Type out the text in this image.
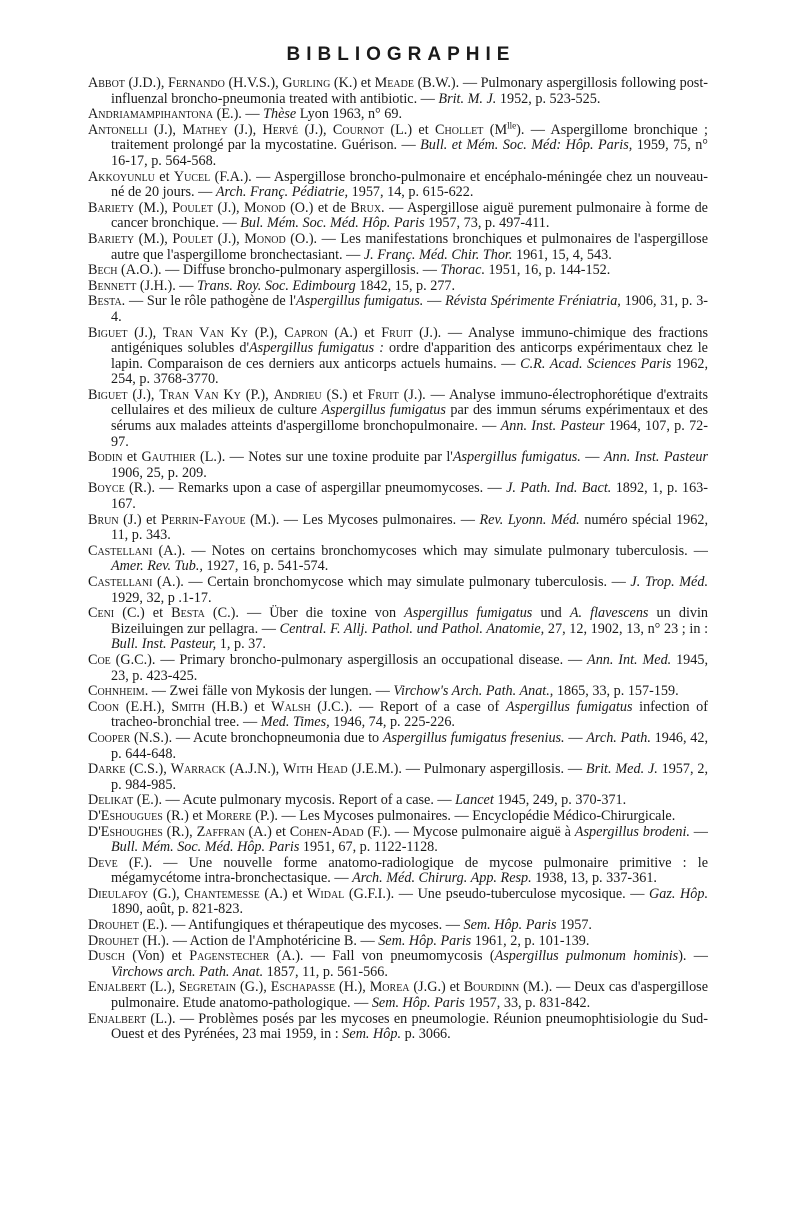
BIBLIOGRAPHIE

Abbot (J.D.), Fernando (H.V.S.), Gurling (K.) et Meade (B.W.). — Pulmonary aspergillosis following post-influenzal broncho-pneumonia treated with antibiotic. — Brit. M. J. 1952, p. 523-525.

Andriamampihantona (E.). — Thèse Lyon 1963, n° 69.

Antonelli (J.), Mathey (J.), Hervé (J.), Cournot (L.) et Chollet $(M^{lle})$. — Aspergillome bronchique ; traitement prolongé par la mycostatine. Guérison. — Bull. et Mém. Soc. Méd: Hôp. Paris, 1959, 75, n° 16-17, p. 564-568.

Akkoyunlu et Yucel (F.A.). — Aspergillose broncho-pulmonaire et encéphalo-méningée chez un nouveau-né de 20 jours. — Arch. Franç. Pédiatrie, 1957, 14, p. 615-622.

Bariety (M.), Poulet (J.), Monod (O.) et de Brux. — Aspergillose aiguë purement pulmonaire à forme de cancer bronchique. — Bul. Mém. Soc. Méd. Hôp. Paris 1957, 73, p. 497-411.

Bariety (M.), Poulet (J.), Monod (O.). — Les manifestations bronchiques et pulmonaires de l'aspergillose autre que l'aspergillome bronchectasiant. — J. Franç. Méd. Chir. Thor. 1961, 15, 4, 543.

Bech (A.O.). — Diffuse broncho-pulmonary aspergillosis. — Thorac. 1951, 16, p. 144-152.

Bennett (J.H.). — Trans. Roy. Soc. Edimbourg 1842, 15, p. 277.

Besta. — Sur le rôle pathogène de l'Aspergillus fumigatus. — Révista Spérimente Fréniatria, 1906, 31, p. 3-4.

Biguet (J.), Tran Van Ky (P.), Capron (A.) et Fruit (J.). — Analyse immuno-chimique des fractions antigéniques solubles d'Aspergillus fumigatus : ordre d'apparition des anticorps expérimentaux chez le lapin. Comparaison de ces derniers aux anticorps actuels humains. — C.R. Acad. Sciences Paris 1962, 254, p. 3768-3770.

Biguet (J.), Tran Van Ky (P.), Andrieu (S.) et Fruit (J.). — Analyse immuno-électrophorétique d'extraits cellulaires et des milieux de culture Aspergillus fumigatus par des immun sérums expérimentaux et des sérums aux malades atteints d'aspergillome bronchopulmonaire. — Ann. Inst. Pasteur 1964, 107, p. 72-97.

Bodin et Gauthier (L.). — Notes sur une toxine produite par l'Aspergillus fumigatus. — Ann. Inst. Pasteur 1906, 25, p. 209.

Boyce (R.). — Remarks upon a case of aspergillar pneumomycoses. — J. Path. Ind. Bact. 1892, 1, p. 163-167.

Brun (J.) et Perrin-Fayoue (M.). — Les Mycoses pulmonaires. — Rev. Lyonn. Méd. numéro spécial 1962, 11, p. 343.

Castellani (A.). — Notes on certains bronchomycoses which may simulate pulmonary tuberculosis. — Amer. Rev. Tub., 1927, 16, p. 541-574.

Castellani (A.). — Certain bronchomycose which may simulate pulmonary tuberculosis. — J. Trop. Méd. 1929, 32, p .1-17.

Ceni (C.) et Besta (C.). — Über die toxine von Aspergillus fumigatus und A. flavescens un divin Bizeiluingen zur pellagra. — Central. F. Allj. Pathol. und Pathol. Anatomie, 27, 12, 1902, 13, n° 23 ; in : Bull. Inst. Pasteur, 1, p. 37.

Coe (G.C.). — Primary broncho-pulmonary aspergillosis an occupational disease. — Ann. Int. Med. 1945, 23, p. 423-425.

Cohnheim. — Zwei fälle von Mykosis der lungen. — Virchow's Arch. Path. Anat., 1865, 33, p. 157-159.

Coon (E.H.), Smith (H.B.) et Walsh (J.C.). — Report of a case of Aspergillus fumigatus infection of tracheo-bronchial tree. — Med. Times, 1946, 74, p. 225-226.

Cooper (N.S.). — Acute bronchopneumonia due to Aspergillus fumigatus fresenius. — Arch. Path. 1946, 42, p. 644-648.

Darke (C.S.), Warrack (A.J.N.), With Head (J.E.M.). — Pulmonary aspergillosis. — Brit. Med. J. 1957, 2, p. 984-985.

Delikat (E.). — Acute pulmonary mycosis. Report of a case. — Lancet 1945, 249, p. 370-371.

D'Eshougues (R.) et Morere (P.). — Les Mycoses pulmonaires. — Encyclopédie Médico-Chirurgicale.

D'Eshoughes (R.), Zaffran (A.) et Cohen-Adad (F.). — Mycose pulmonaire aiguë à Aspergillus brodeni. — Bull. Mém. Soc. Méd. Hôp. Paris 1951, 67, p. 1122-1128.

Deve (F.). — Une nouvelle forme anatomo-radiologique de mycose pulmonaire primitive : le mégamycétome intra-bronchectasique. — Arch. Méd. Chirurg. App. Resp. 1938, 13, p. 337-361.

Dieulafoy (G.), Chantemesse (A.) et Widal (G.F.I.). — Une pseudo-tuberculose mycosique. — Gaz. Hôp. 1890, août, p. 821-823.

Drouhet (E.). — Antifungiques et thérapeutique des mycoses. — Sem. Hôp. Paris 1957.

Drouhet (H.). — Action de l'Amphotéricine B. — Sem. Hôp. Paris 1961, 2, p. 101-139.

Dusch (Von) et Pagenstecher (A.). — Fall von pneumomycosis (Aspergillus pulmonum hominis). — Virchows arch. Path. Anat. 1857, 11, p. 561-566.

Enjalbert (L.), Segretain (G.), Eschapasse (H.), Morea (J.G.) et Bourdinn (M.). — Deux cas d'aspergillose pulmonaire. Etude anatomo-pathologique. — Sem. Hôp. Paris 1957, 33, p. 831-842.

Enjalbert (L.). — Problèmes posés par les mycoses en pneumologie. Réunion pneumophtisiologie du Sud-Ouest et des Pyrénées, 23 mai 1959, in : Sem. Hôp. p. 3066.
